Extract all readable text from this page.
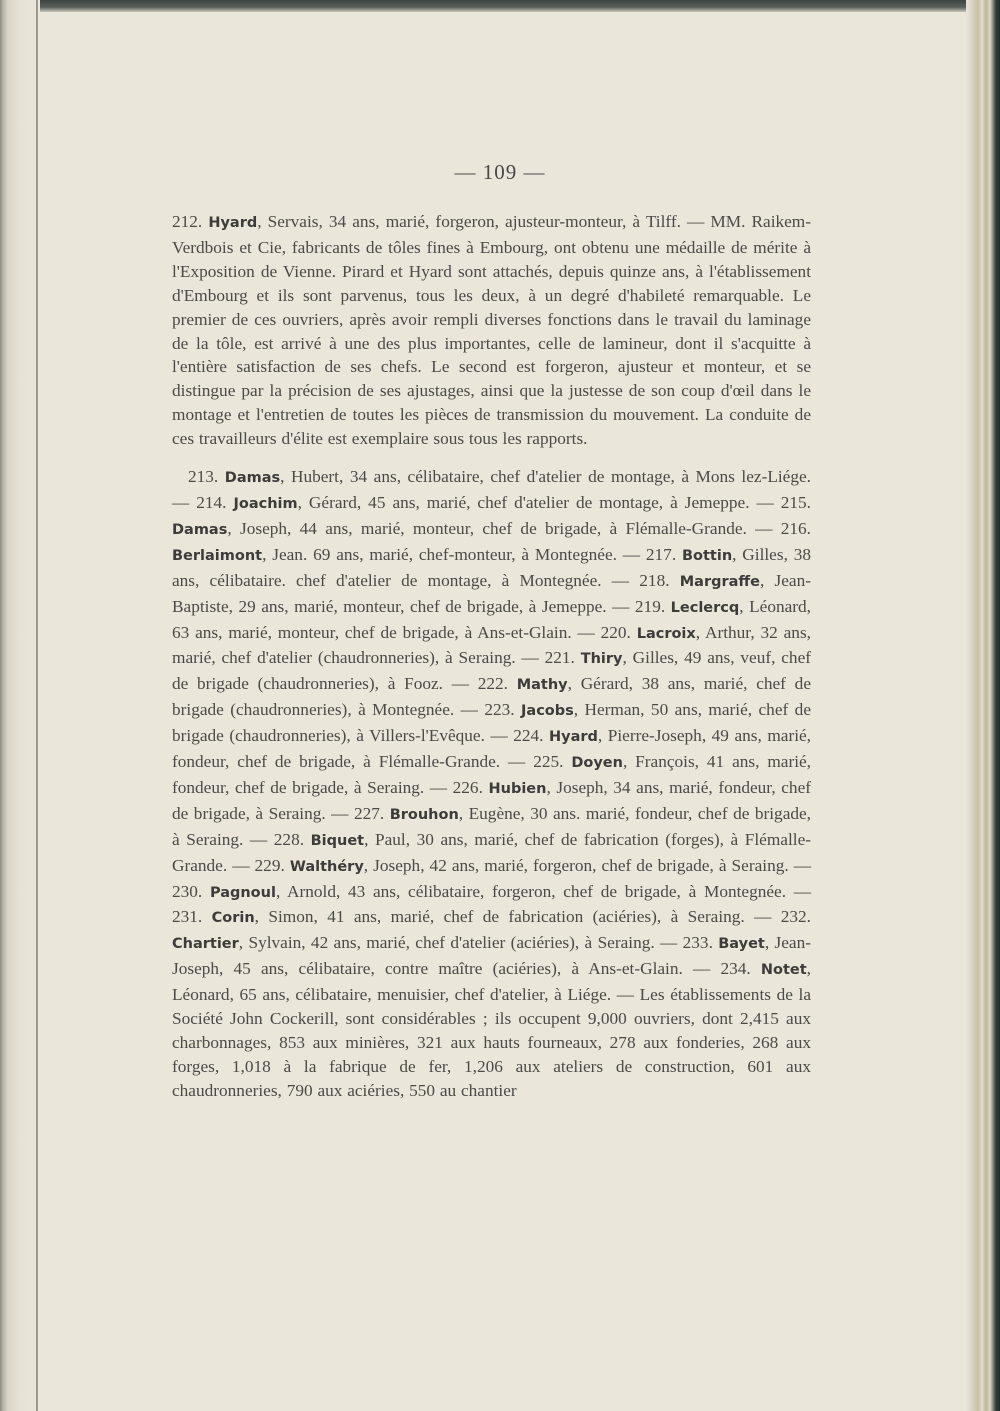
— 109 —

212. Hyard, Servais, 34 ans, marié, forgeron, ajusteur-monteur, à Tilff. — MM. Raikem-Verdbois et Cie, fabricants de tôles fines à Embourg, ont obtenu une médaille de mérite à l'Exposition de Vienne. Pirard et Hyard sont attachés, depuis quinze ans, à l'établissement d'Embourg et ils sont parvenus, tous les deux, à un degré d'habileté remarquable. Le premier de ces ouvriers, après avoir rempli diverses fonctions dans le travail du laminage de la tôle, est arrivé à une des plus importantes, celle de lamineur, dont il s'acquitte à l'entière satisfaction de ses chefs. Le second est forgeron, ajusteur et monteur, et se distingue par la précision de ses ajustages, ainsi que la justesse de son coup d'œil dans le montage et l'entretien de toutes les pièces de transmission du mouvement. La conduite de ces travailleurs d'élite est exemplaire sous tous les rapports.

213. Damas, Hubert, 34 ans, célibataire, chef d'atelier de montage, à Mons lez-Liége. — 214. Joachim, Gérard, 45 ans, marié, chef d'atelier de montage, à Jemeppe. — 215. Damas, Joseph, 44 ans, marié, monteur, chef de brigade, à Flémalle-Grande. — 216. Berlaimont, Jean. 69 ans, marié, chef-monteur, à Montegnée. — 217. Bottin, Gilles, 38 ans, célibataire. chef d'atelier de montage, à Montegnée. — 218. Margraffe, Jean-Baptiste, 29 ans, marié, monteur, chef de brigade, à Jemeppe. — 219. Leclercq, Léonard, 63 ans, marié, monteur, chef de brigade, à Ans-et-Glain. — 220. Lacroix, Arthur, 32 ans, marié, chef d'atelier (chaudronneries), à Seraing. — 221. Thiry, Gilles, 49 ans, veuf, chef de brigade (chaudronneries), à Fooz. — 222. Mathy, Gérard, 38 ans, marié, chef de brigade (chaudronneries), à Montegnée. — 223. Jacobs, Herman, 50 ans, marié, chef de brigade (chaudronneries), à Villers-l'Evêque. — 224. Hyard, Pierre-Joseph, 49 ans, marié, fondeur, chef de brigade, à Flémalle-Grande. — 225. Doyen, François, 41 ans, marié, fondeur, chef de brigade, à Seraing. — 226. Hubien, Joseph, 34 ans, marié, fondeur, chef de brigade, à Seraing. — 227. Brouhon, Eugène, 30 ans. marié, fondeur, chef de brigade, à Seraing. — 228. Biquet, Paul, 30 ans, marié, chef de fabrication (forges), à Flémalle-Grande. — 229. Walthéry, Joseph, 42 ans, marié, forgeron, chef de brigade, à Seraing. — 230. Pagnoul, Arnold, 43 ans, célibataire, forgeron, chef de brigade, à Montegnée. — 231. Corin, Simon, 41 ans, marié, chef de fabrication (aciéries), à Seraing. — 232. Chartier, Sylvain, 42 ans, marié, chef d'atelier (aciéries), à Seraing. — 233. Bayet, Jean-Joseph, 45 ans, célibataire, contre maître (aciéries), à Ans-et-Glain. — 234. Notet, Léonard, 65 ans, célibataire, menuisier, chef d'atelier, à Liége. — Les établissements de la Société John Cockerill, sont considérables ; ils occupent 9,000 ouvriers, dont 2,415 aux charbonnages, 853 aux minières, 321 aux hauts fourneaux, 278 aux fonderies, 268 aux forges, 1,018 à la fabrique de fer, 1,206 aux ateliers de construction, 601 aux chaudronneries, 790 aux aciéries, 550 au chantier
